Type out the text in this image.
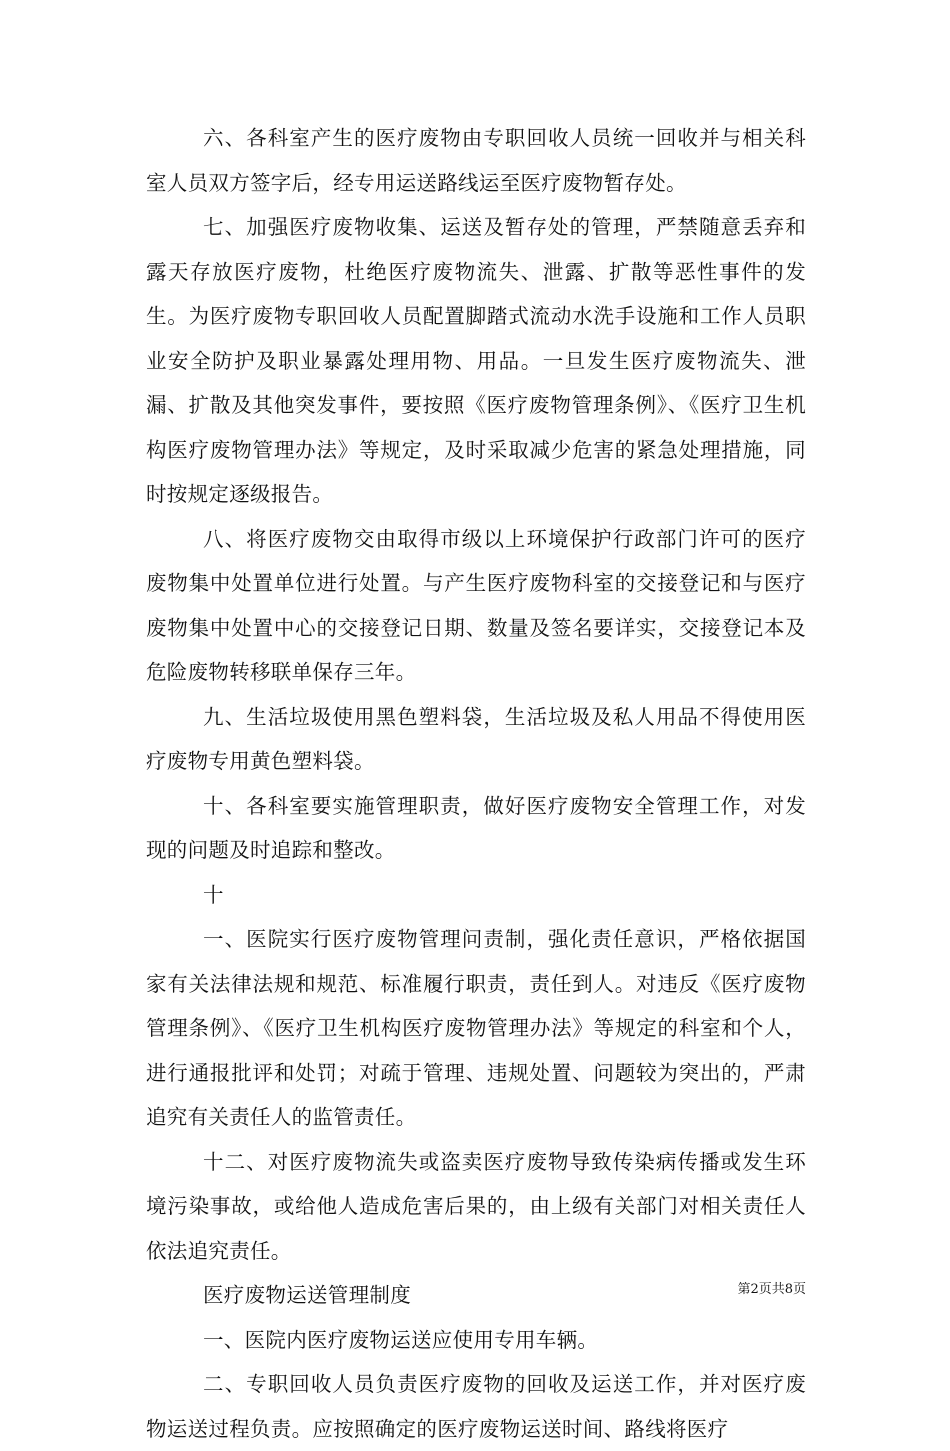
六、各科室产生的医疗废物由专职回收人员统一回收并与相关科室人员双方签字后，经专用运送路线运至医疗废物暂存处。

七、加强医疗废物收集、运送及暂存处的管理，严禁随意丢弃和露天存放医疗废物，杜绝医疗废物流失、泄露、扩散等恶性事件的发生。为医疗废物专职回收人员配置脚踏式流动水洗手设施和工作人员职业安全防护及职业暴露处理用物、用品。一旦发生医疗废物流失、泄漏、扩散及其他突发事件，要按照《医疗废物管理条例》、《医疗卫生机构医疗废物管理办法》等规定，及时采取减少危害的紧急处理措施，同时按规定逐级报告。

八、将医疗废物交由取得市级以上环境保护行政部门许可的医疗废物集中处置单位进行处置。与产生医疗废物科室的交接登记和与医疗废物集中处置中心的交接登记日期、数量及签名要详实，交接登记本及危险废物转移联单保存三年。

九、生活垃圾使用黑色塑料袋，生活垃圾及私人用品不得使用医疗废物专用黄色塑料袋。

十、各科室要实施管理职责，做好医疗废物安全管理工作，对发现的问题及时追踪和整改。

十

一、医院实行医疗废物管理问责制，强化责任意识，严格依据国家有关法律法规和规范、标准履行职责，责任到人。对违反《医疗废物管理条例》、《医疗卫生机构医疗废物管理办法》等规定的科室和个人，进行通报批评和处罚；对疏于管理、违规处置、问题较为突出的，严肃追究有关责任人的监管责任。

十二、对医疗废物流失或盗卖医疗废物导致传染病传播或发生环境污染事故，或给他人造成危害后果的，由上级有关部门对相关责任人依法追究责任。

医疗废物运送管理制度

一、医院内医疗废物运送应使用专用车辆。

二、专职回收人员负责医疗废物的回收及运送工作，并对医疗废物运送过程负责。应按照确定的医疗废物运送时间、路线将医疗

第2页共8页
